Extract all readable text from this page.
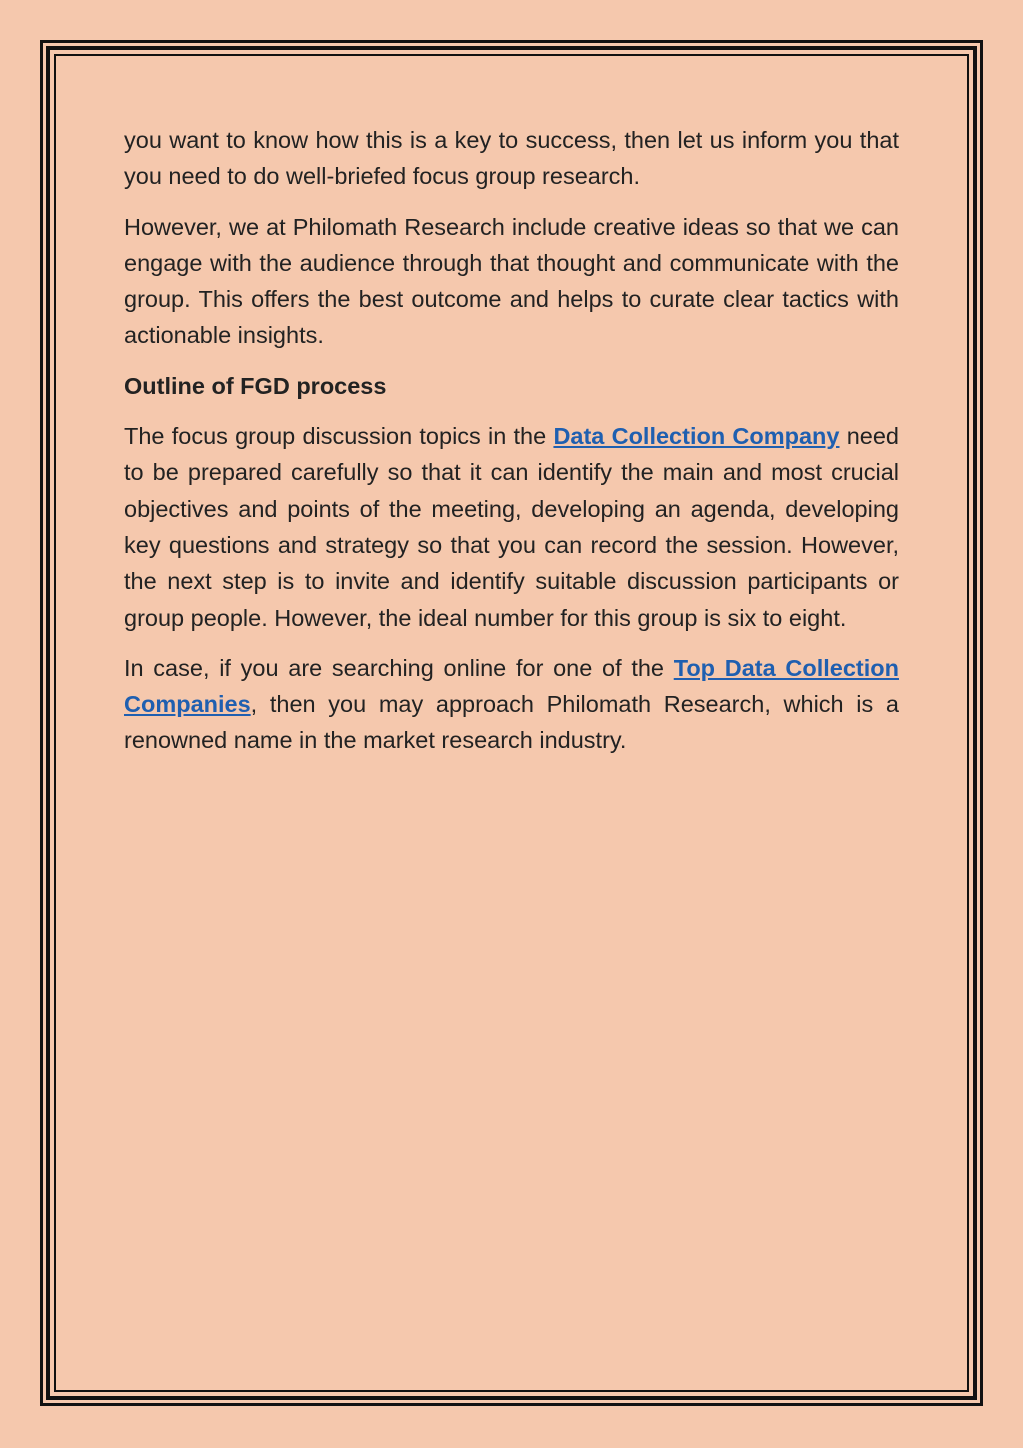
you want to know how this is a key to success, then let us inform you that you need to do well-briefed focus group research.

However, we at Philomath Research include creative ideas so that we can engage with the audience through that thought and communicate with the group. This offers the best outcome and helps to curate clear tactics with actionable insights.

Outline of FGD process

The focus group discussion topics in the Data Collection Company need to be prepared carefully so that it can identify the main and most crucial objectives and points of the meeting, developing an agenda, developing key questions and strategy so that you can record the session. However, the next step is to invite and identify suitable discussion participants or group people. However, the ideal number for this group is six to eight.

In case, if you are searching online for one of the Top Data Collection Companies, then you may approach Philomath Research, which is a renowned name in the market research industry.
